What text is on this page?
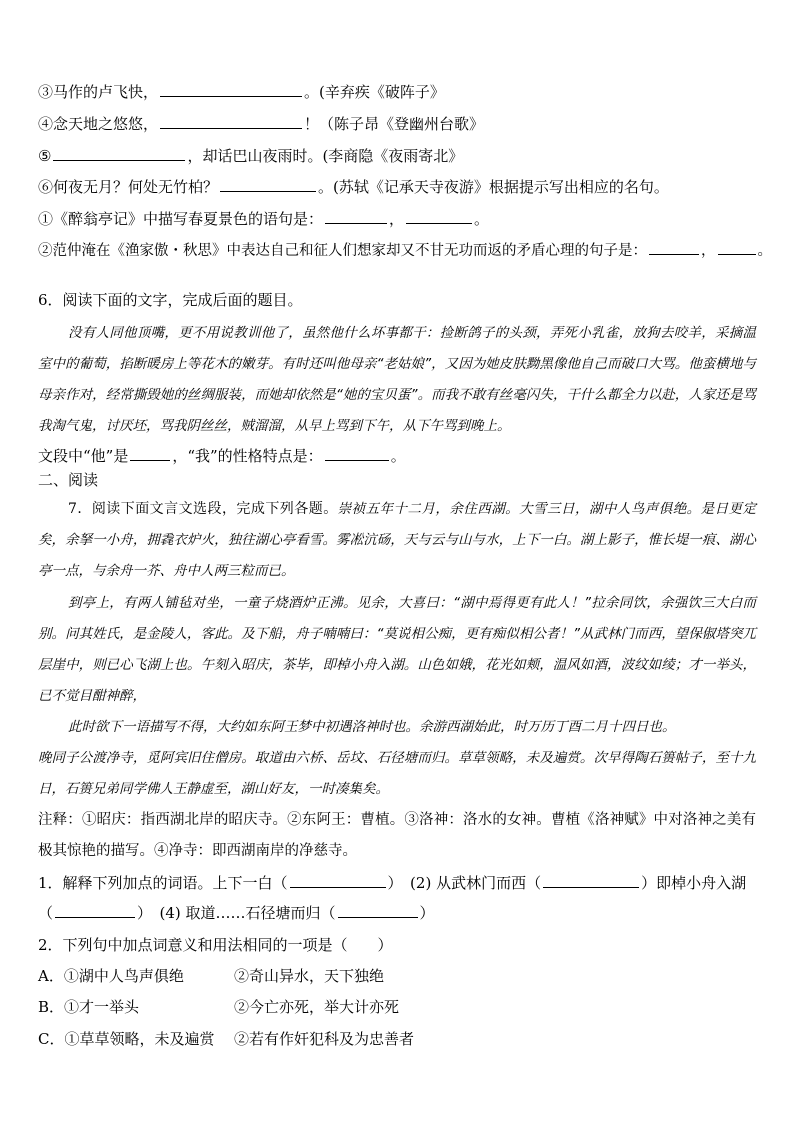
③马作的卢飞快，	。(辛弃疾《破阵子》
④念天地之悠悠，	！（陈子昂《登幽州台歌》
⑤	，却话巴山夜雨时。(李商隐《夜雨寄北》
⑥何夜无月？何处无竹柏？	。(苏轼《记承天寺夜游》根据提示写出相应的名句。
①《醉翁亭记》中描写春夏景色的语句是：	，	。
②范仲淹在《渔家傲・秋思》中表达自己和征人们想家却又不甘无功而返的矛盾心理的句子是：	，	。
6．阅读下面的文字，完成后面的题目。
没有人同他顶嘴，更不用说教训他了，虽然他什么坏事都干：捡断鸽子的头颈，弄死小乳雀，放狗去咬羊，采摘温室中的葡萄，掐断暖房上等花木的嫩芽。有时还叫他母亲“老姑娘”，又因为她皮肤黝黑像他自己而破口大骂。他蛮横地与母亲作对，经常撕毁她的丝绸服装，而她却依然是“她的宝贝蛋”。而我不敢有丝毫闪失，干什么都全力以赴，人家还是骂我淘气鬼，讨厌坯，骂我阴丝丝，贼溜溜，从早上骂到下午，从下午骂到晚上。
文段中“他”是	，“我”的性格特点是：	。
二、阅读
7．阅读下面文言文选段，完成下列各题。崇祯五年十二月，余住西湖。大雪三日，湖中人鸟声俱绝。是日更定矣，余拏一小舟，拥毳衣炉火，独往湖心亭看雪。雾凇沆砀，天与云与山与水，上下一白。湖上影子，惟长堤一痕、湖心亭一点，与余舟一芥、舟中人两三粒而已。
到亭上，有两人铺毡对坐，一童子烧酒炉正沸。见余，大喜曰：“湖中焉得更有此人！”拉余同饮，余强饮三大白而别。问其姓氏，是金陵人，客此。及下船，舟子喃喃曰：“莫说相公痴，更有痴似相公者！”从武林门而西，望保俶塔突兀层崖中，则已心飞湖上也。午刻入昭庆，茶毕，即棹小舟入湖。山色如娥，花光如颊，温风如酒，波纹如绫；才一举头，已不觉目酣神醉，
此时欲下一语描写不得，大约如东阿王梦中初遇洛神时也。余游西湖始此，时万历丁酉二月十四日也。
晚同子公渡净寺，觅阿宾旧住僧房。取道由六桥、岳坟、石径塘而归。草草领略，未及遍赏。次早得陶石篑帖子，至十九日，石篑兄弟同学佛人王静虚至，湖山好友，一时凑集矣。
注释：①昭庆：指西湖北岸的昭庆寺。②东阿王：曹植。③洛神：洛水的女神。曹植《洛神赋》中对洛神之美有极其惊艳的描写。④净寺：即西湖南岸的净慈寺。
1．解释下列加点的词语。上下一白（	）　(2) 从武林门而西（	）即棹小舟入湖
（	）　(4) 取道……石径塘而归（	）
2．下列句中加点词意义和用法相同的一项是（　　）
A．①湖中人鸟声俱绝	②奇山异水，天下独绝
B．①才一举头	②今亡亦死，举大计亦死
C．①草草领略，未及遍赏 ②若有作奸犯科及为忠善者
